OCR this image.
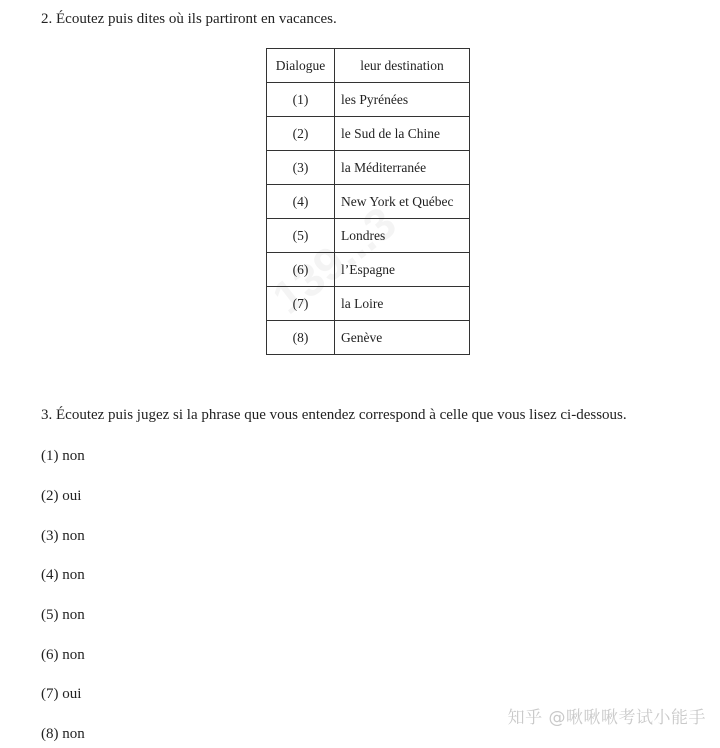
2. Écoutez puis dites où ils partiront en vacances.
Dialogue	leur destination
(1)	les Pyrénées
(2)	le Sud de la Chine
(3)	la Méditerranée
(4)	New York et Québec
(5)	Londres
(6)	l’Espagne
(7)	la Loire
(8)	Genève
3. Écoutez puis jugez si la phrase que vous entendez correspond à celle que vous lisez ci-dessous.
(1) non
(2) oui
(3) non
(4) non
(5) non
(6) non
(7) oui
(8) non
知乎 @啾啾啾考试小能手
